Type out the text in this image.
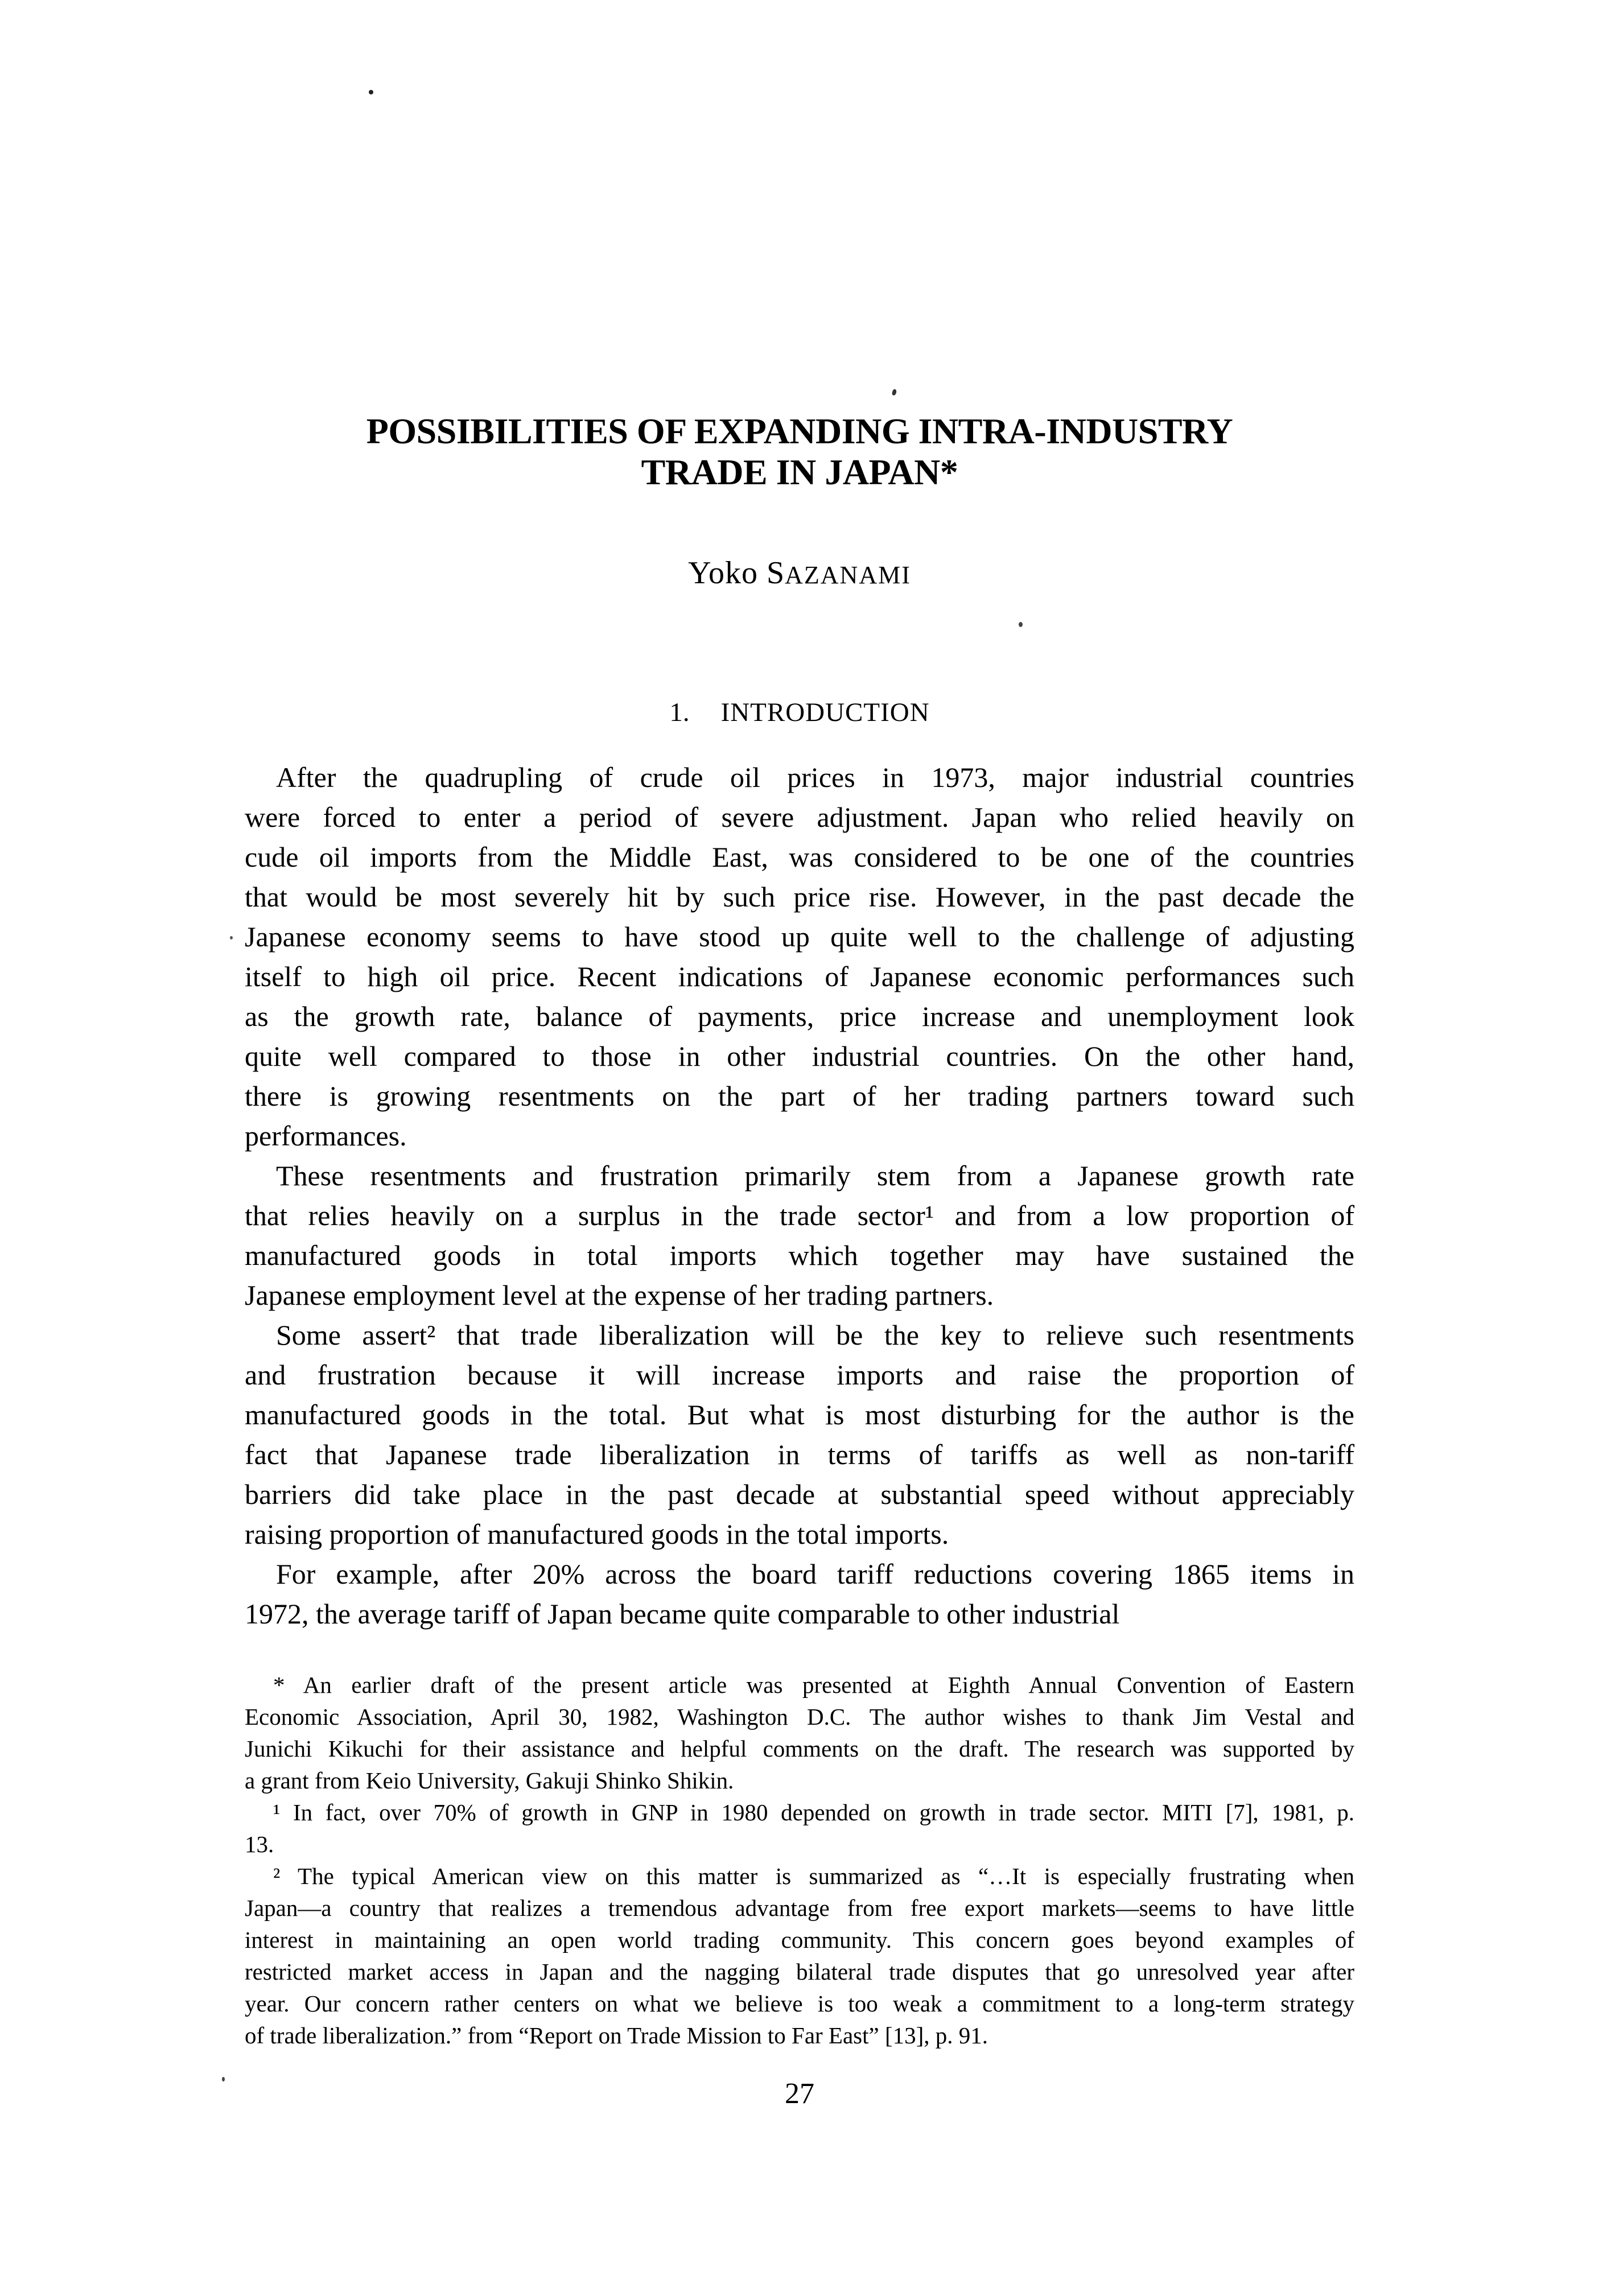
POSSIBILITIES OF EXPANDING INTRA-INDUSTRY
TRADE IN JAPAN*
Yoko SAZANAMI
1. INTRODUCTION
After the quadrupling of crude oil prices in 1973, major industrial countries
were forced to enter a period of severe adjustment. Japan who relied heavily on
cude oil imports from the Middle East, was considered to be one of the countries
that would be most severely hit by such price rise. However, in the past decade the
Japanese economy seems to have stood up quite well to the challenge of adjusting
itself to high oil price. Recent indications of Japanese economic performances such
as the growth rate, balance of payments, price increase and unemployment look
quite well compared to those in other industrial countries. On the other hand,
there is growing resentments on the part of her trading partners toward such
performances.
These resentments and frustration primarily stem from a Japanese growth rate
that relies heavily on a surplus in the trade sector¹ and from a low proportion of
manufactured goods in total imports which together may have sustained the
Japanese employment level at the expense of her trading partners.
Some assert² that trade liberalization will be the key to relieve such resentments
and frustration because it will increase imports and raise the proportion of
manufactured goods in the total. But what is most disturbing for the author is the
fact that Japanese trade liberalization in terms of tariffs as well as non-tariff
barriers did take place in the past decade at substantial speed without appreciably
raising proportion of manufactured goods in the total imports.
For example, after 20% across the board tariff reductions covering 1865 items in
1972, the average tariff of Japan became quite comparable to other industrial
* An earlier draft of the present article was presented at Eighth Annual Convention of Eastern
Economic Association, April 30, 1982, Washington D.C. The author wishes to thank Jim Vestal and
Junichi Kikuchi for their assistance and helpful comments on the draft. The research was supported by
a grant from Keio University, Gakuji Shinko Shikin.
¹ In fact, over 70% of growth in GNP in 1980 depended on growth in trade sector. MITI [7], 1981, p.
13.
² The typical American view on this matter is summarized as “…It is especially frustrating when
Japan—a country that realizes a tremendous advantage from free export markets—seems to have little
interest in maintaining an open world trading community. This concern goes beyond examples of
restricted market access in Japan and the nagging bilateral trade disputes that go unresolved year after
year. Our concern rather centers on what we believe is too weak a commitment to a long-term strategy
of trade liberalization.” from “Report on Trade Mission to Far East” [13], p. 91.
27
